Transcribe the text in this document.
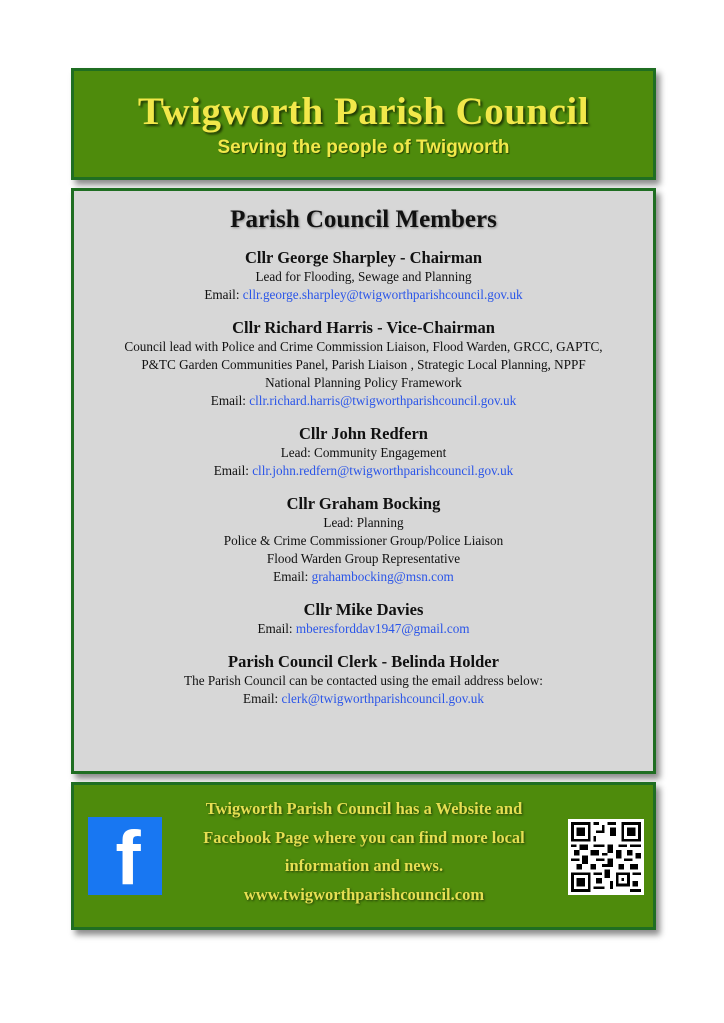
Twigworth Parish Council
Serving the people of Twigworth
Parish Council Members
Cllr George Sharpley - Chairman
Lead for Flooding, Sewage and Planning
Email: cllr.george.sharpley@twigworthparishcouncil.gov.uk
Cllr Richard Harris - Vice-Chairman
Council lead with Police and Crime Commission Liaison, Flood Warden, GRCC, GAPTC,
P&TC Garden Communities Panel, Parish Liaison , Strategic Local Planning, NPPF
National Planning Policy Framework
Email: cllr.richard.harris@twigworthparishcouncil.gov.uk
Cllr John Redfern
Lead: Community Engagement
Email: cllr.john.redfern@twigworthparishcouncil.gov.uk
Cllr Graham Bocking
Lead: Planning
Police & Crime Commissioner Group/Police Liaison
Flood Warden Group Representative
Email: grahambocking@msn.com
Cllr Mike Davies
Email: mberesforddav1947@gmail.com
Parish Council Clerk - Belinda Holder
The Parish Council can be contacted using the email address below:
Email: clerk@twigworthparishcouncil.gov.uk
f
Twigworth Parish Council has a Website and
Facebook Page where you can find more local
information and news.
www.twigworthparishcouncil.com
